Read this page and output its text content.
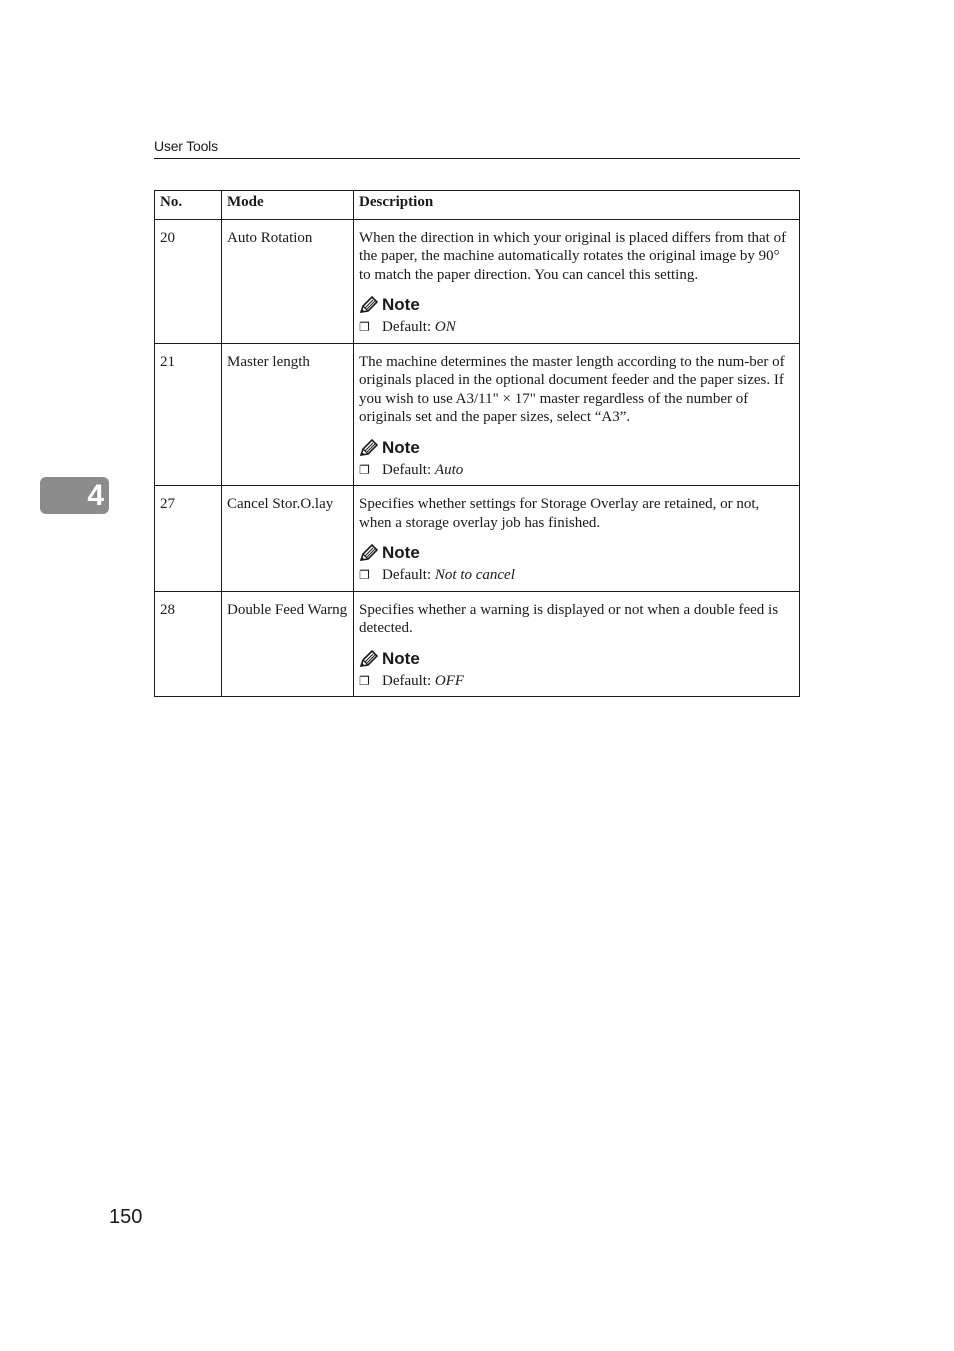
User Tools
4
No.	Mode	Description
20	Auto Rotation	When the direction in which your original is placed differs from that of the paper, the machine automatically rotates the original image by 90° to match the paper direction. You can cancel this setting.
Note
❐ Default:
ON

21	Master length	The machine determines the master length according to the num-ber of originals placed in the optional document feeder and the paper sizes. If you wish to use A3/11" × 17" master regardless of the number of originals set and the paper sizes, select “A3”.
Note
❐ Default:
Auto

27	Cancel Stor.O.lay	Specifies whether settings for Storage Overlay are retained, or not, when a storage overlay job has finished.
Note
❐ Default:
Not to cancel

28	Double Feed Warng	Specifies whether a warning is displayed or not when a double feed is detected.
Note
❐ Default:
OFF
150
